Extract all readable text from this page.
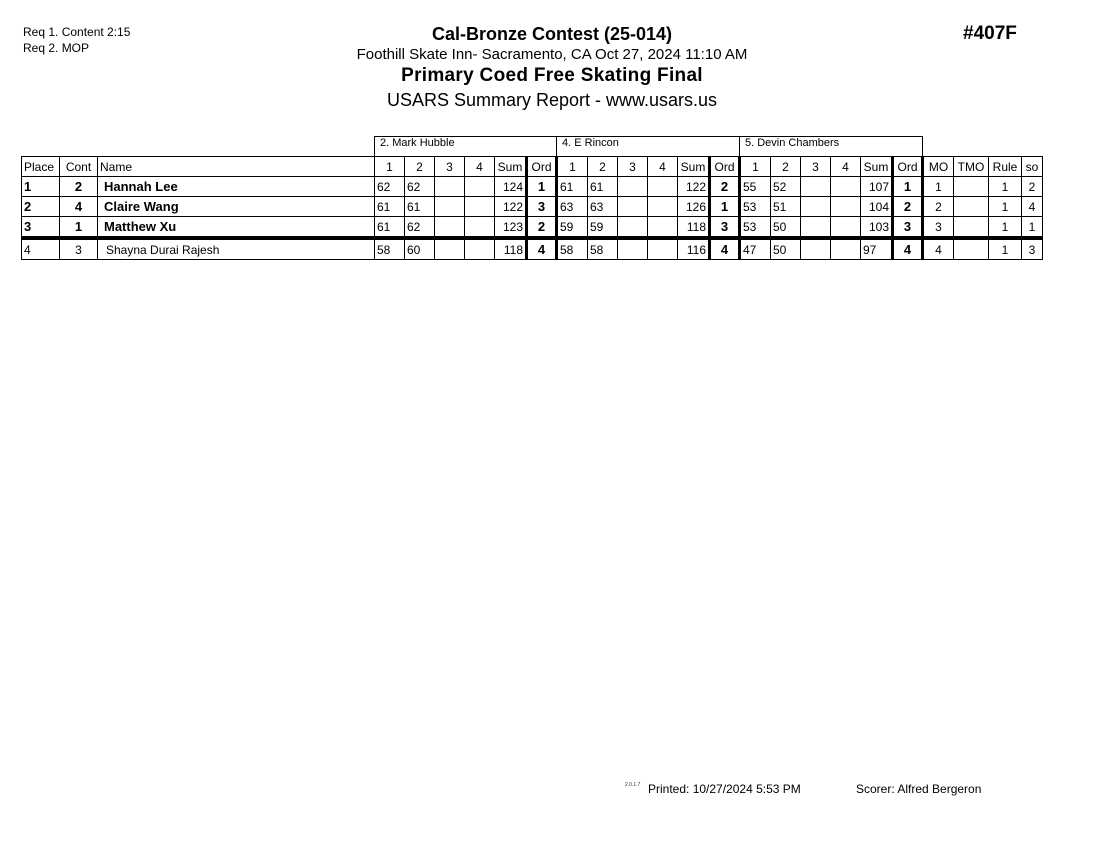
Req 1. Content 2:15
Req 2. MOP
Cal-Bronze Contest (25-014)
Foothill Skate Inn- Sacramento, CA Oct 27, 2024 11:10 AM
Primary Coed Free Skating Final
USARS Summary Report - www.usars.us
#407F
			2. Mark Hubble						4. E Rincon						5. Devin Chambers									
Place	Cont	Name	1	2	3	4	Sum	Ord	1	2	3	4	Sum	Ord	1	2	3	4	Sum	Ord	MO	TMO	Rule	so
1	2	Hannah Lee	62	62			124	1	61	61			122	2	55	52			107	1	1		1	2
2	4	Claire Wang	61	61			122	3	63	63			126	1	53	51			104	2	2		1	4
3	1	Matthew Xu	61	62			123	2	59	59			118	3	53	50			103	3	3		1	1
4	3	Shayna Durai Rajesh	58	60			118	4	58	58			116	4	47	50			97	4	4		1	3
2.0.1.7 Printed: 10/27/2024 5:53 PM	Scorer: Alfred Bergeron
